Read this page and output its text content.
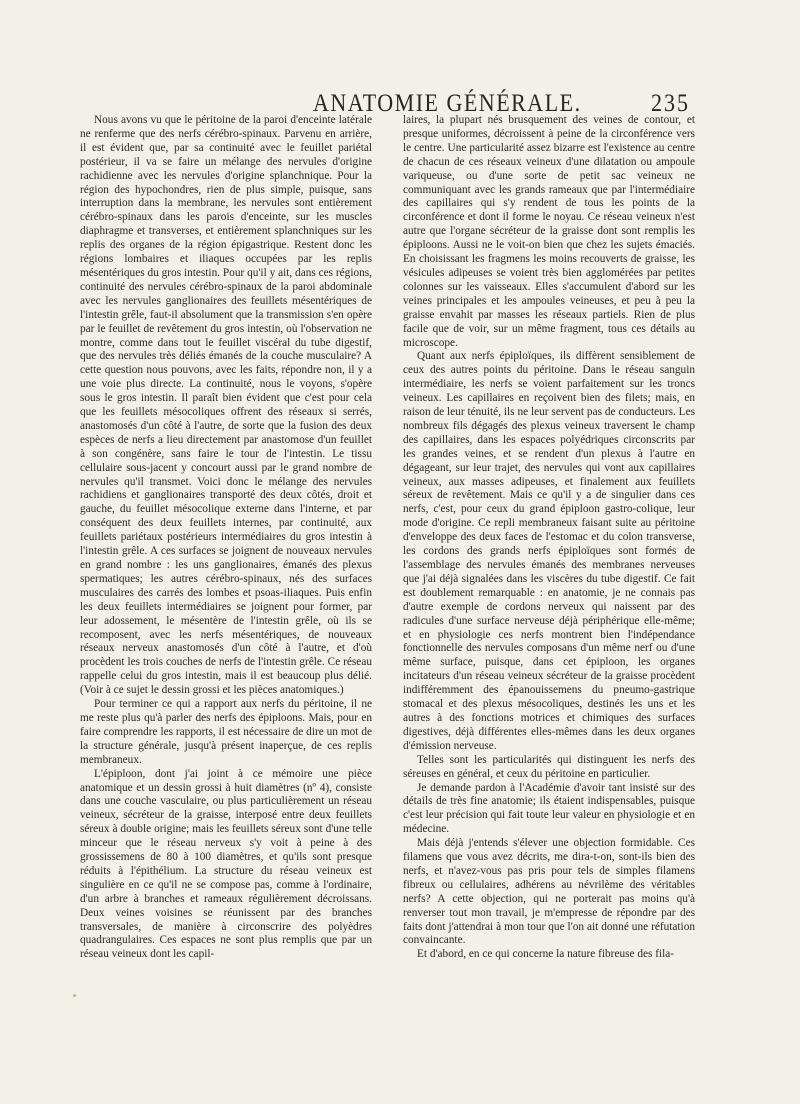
ANATOMIE GÉNÉRALE.	235

Nous avons vu que le péritoine de la paroi d'enceinte latérale ne renferme que des nerfs cérébro-spinaux. Parvenu en arrière, il est évident que, par sa continuité avec le feuillet pariétal postérieur, il va se faire un mélange des nervules d'origine rachidienne avec les nervules d'origine splanchnique. Pour la région des hypochondres, rien de plus simple, puisque, sans interruption dans la membrane, les nervules sont entièrement cérébro-spinaux dans les parois d'enceinte, sur les muscles diaphragme et transverses, et entièrement splanchniques sur les replis des organes de la région épigastrique. Restent donc les régions lombaires et iliaques occupées par les replis mésentériques du gros intestin. Pour qu'il y ait, dans ces régions, continuité des nervules cérébro-spinaux de la paroi abdominale avec les nervules ganglionaires des feuillets mésentériques de l'intestin grêle, faut-il absolument que la transmission s'en opère par le feuillet de revêtement du gros intestin, où l'observation ne montre, comme dans tout le feuillet viscéral du tube digestif, que des nervules très déliés émanés de la couche musculaire? A cette question nous pouvons, avec les faits, répondre non, il y a une voie plus directe. La continuité, nous le voyons, s'opère sous le gros intestin. Il paraît bien évident que c'est pour cela que les feuillets mésocoliques offrent des réseaux si serrés, anastomosés d'un côté à l'autre, de sorte que la fusion des deux espèces de nerfs a lieu directement par anastomose d'un feuillet à son congénère, sans faire le tour de l'intestin. Le tissu cellulaire sous-jacent y concourt aussi par le grand nombre de nervules qu'il transmet. Voici donc le mélange des nervules rachidiens et ganglionaires transporté des deux côtés, droit et gauche, du feuillet mésocolique externe dans l'interne, et par conséquent des deux feuillets internes, par continuité, aux feuillets pariétaux postérieurs intermédiaires du gros intestin à l'intestin grêle. A ces surfaces se joignent de nouveaux nervules en grand nombre : les uns ganglionaires, émanés des plexus spermatiques; les autres cérébro-spinaux, nés des surfaces musculaires des carrés des lombes et psoas-iliaques. Puis enfin les deux feuillets intermédiaires se joignent pour former, par leur adossement, le mésentère de l'intestin grêle, où ils se recomposent, avec les nerfs mésentériques, de nouveaux réseaux nerveux anastomosés d'un côté à l'autre, et d'où procèdent les trois couches de nerfs de l'intestin grêle. Ce réseau rappelle celui du gros intestin, mais il est beaucoup plus délié. (Voir à ce sujet le dessin grossi et les pièces anatomiques.)

Pour terminer ce qui a rapport aux nerfs du péritoine, il ne me reste plus qu'à parler des nerfs des épiploons. Mais, pour en faire comprendre les rapports, il est nécessaire de dire un mot de la structure générale, jusqu'à présent inaperçue, de ces replis membraneux.

L'épiploon, dont j'ai joint à ce mémoire une pièce anatomique et un dessin grossi à huit diamètres (nº 4), consiste dans une couche vasculaire, ou plus particulièrement un réseau veineux, sécréteur de la graisse, interposé entre deux feuillets séreux à double origine; mais les feuillets séreux sont d'une telle minceur que le réseau nerveux s'y voit à peine à des grossissemens de 80 à 100 diamètres, et qu'ils sont presque réduits à l'épithélium. La structure du réseau veineux est singulière en ce qu'il ne se compose pas, comme à l'ordinaire, d'un arbre à branches et rameaux régulièrement décroissans. Deux veines voisines se réunissent par des branches transversales, de manière à circonscrire des polyèdres quadrangulaires. Ces espaces ne sont plus remplis que par un réseau veineux dont les capil-

laires, la plupart nés brusquement des veines de contour, et presque uniformes, décroissent à peine de la circonférence vers le centre. Une particularité assez bizarre est l'existence au centre de chacun de ces réseaux veineux d'une dilatation ou ampoule variqueuse, ou d'une sorte de petit sac veineux ne communiquant avec les grands rameaux que par l'intermédiaire des capillaires qui s'y rendent de tous les points de la circonférence et dont il forme le noyau. Ce réseau veineux n'est autre que l'organe sécréteur de la graisse dont sont remplis les épiploons. Aussi ne le voit-on bien que chez les sujets émaciés. En choisissant les fragmens les moins recouverts de graisse, les vésicules adipeuses se voient très bien agglomérées par petites colonnes sur les vaisseaux. Elles s'accumulent d'abord sur les veines principales et les ampoules veineuses, et peu à peu la graisse envahit par masses les réseaux partiels. Rien de plus facile que de voir, sur un même fragment, tous ces détails au microscope.

Quant aux nerfs épiploïques, ils diffèrent sensiblement de ceux des autres points du péritoine. Dans le réseau sanguin intermédiaire, les nerfs se voient parfaitement sur les troncs veineux. Les capillaires en reçoivent bien des filets; mais, en raison de leur ténuité, ils ne leur servent pas de conducteurs. Les nombreux fils dégagés des plexus veineux traversent le champ des capillaires, dans les espaces polyédriques circonscrits par les grandes veines, et se rendent d'un plexus à l'autre en dégageant, sur leur trajet, des nervules qui vont aux capillaires veineux, aux masses adipeuses, et finalement aux feuillets séreux de revêtement. Mais ce qu'il y a de singulier dans ces nerfs, c'est, pour ceux du grand épiploon gastro-colique, leur mode d'origine. Ce repli membraneux faisant suite au péritoine d'enveloppe des deux faces de l'estomac et du colon transverse, les cordons des grands nerfs épiploïques sont formés de l'assemblage des nervules émanés des membranes nerveuses que j'ai déjà signalées dans les viscères du tube digestif. Ce fait est doublement remarquable : en anatomie, je ne connais pas d'autre exemple de cordons nerveux qui naissent par des radicules d'une surface nerveuse déjà périphérique elle-même; et en physiologie ces nerfs montrent bien l'indépendance fonctionnelle des nervules composans d'un même nerf ou d'une même surface, puisque, dans cet épiploon, les organes incitateurs d'un réseau veineux sécréteur de la graisse procèdent indifféremment des épanouissemens du pneumo-gastrique stomacal et des plexus mésocoliques, destinés les uns et les autres à des fonctions motrices et chimiques des surfaces digestives, déjà différentes elles-mêmes dans les deux organes d'émission nerveuse.

Telles sont les particularités qui distinguent les nerfs des séreuses en général, et ceux du péritoine en particulier.

Je demande pardon à l'Académie d'avoir tant insisté sur des détails de très fine anatomie; ils étaient indispensables, puisque c'est leur précision qui fait toute leur valeur en physiologie et en médecine.

Mais déjà j'entends s'élever une objection formidable. Ces filamens que vous avez décrits, me dira-t-on, sont-ils bien des nerfs, et n'avez-vous pas pris pour tels de simples filamens fibreux ou cellulaires, adhérens au névrilème des véritables nerfs? A cette objection, qui ne porterait pas moins qu'à renverser tout mon travail, je m'empresse de répondre par des faits dont j'attendrai à mon tour que l'on ait donné une réfutation convaincante.

Et d'abord, en ce qui concerne la nature fibreuse des fila-
